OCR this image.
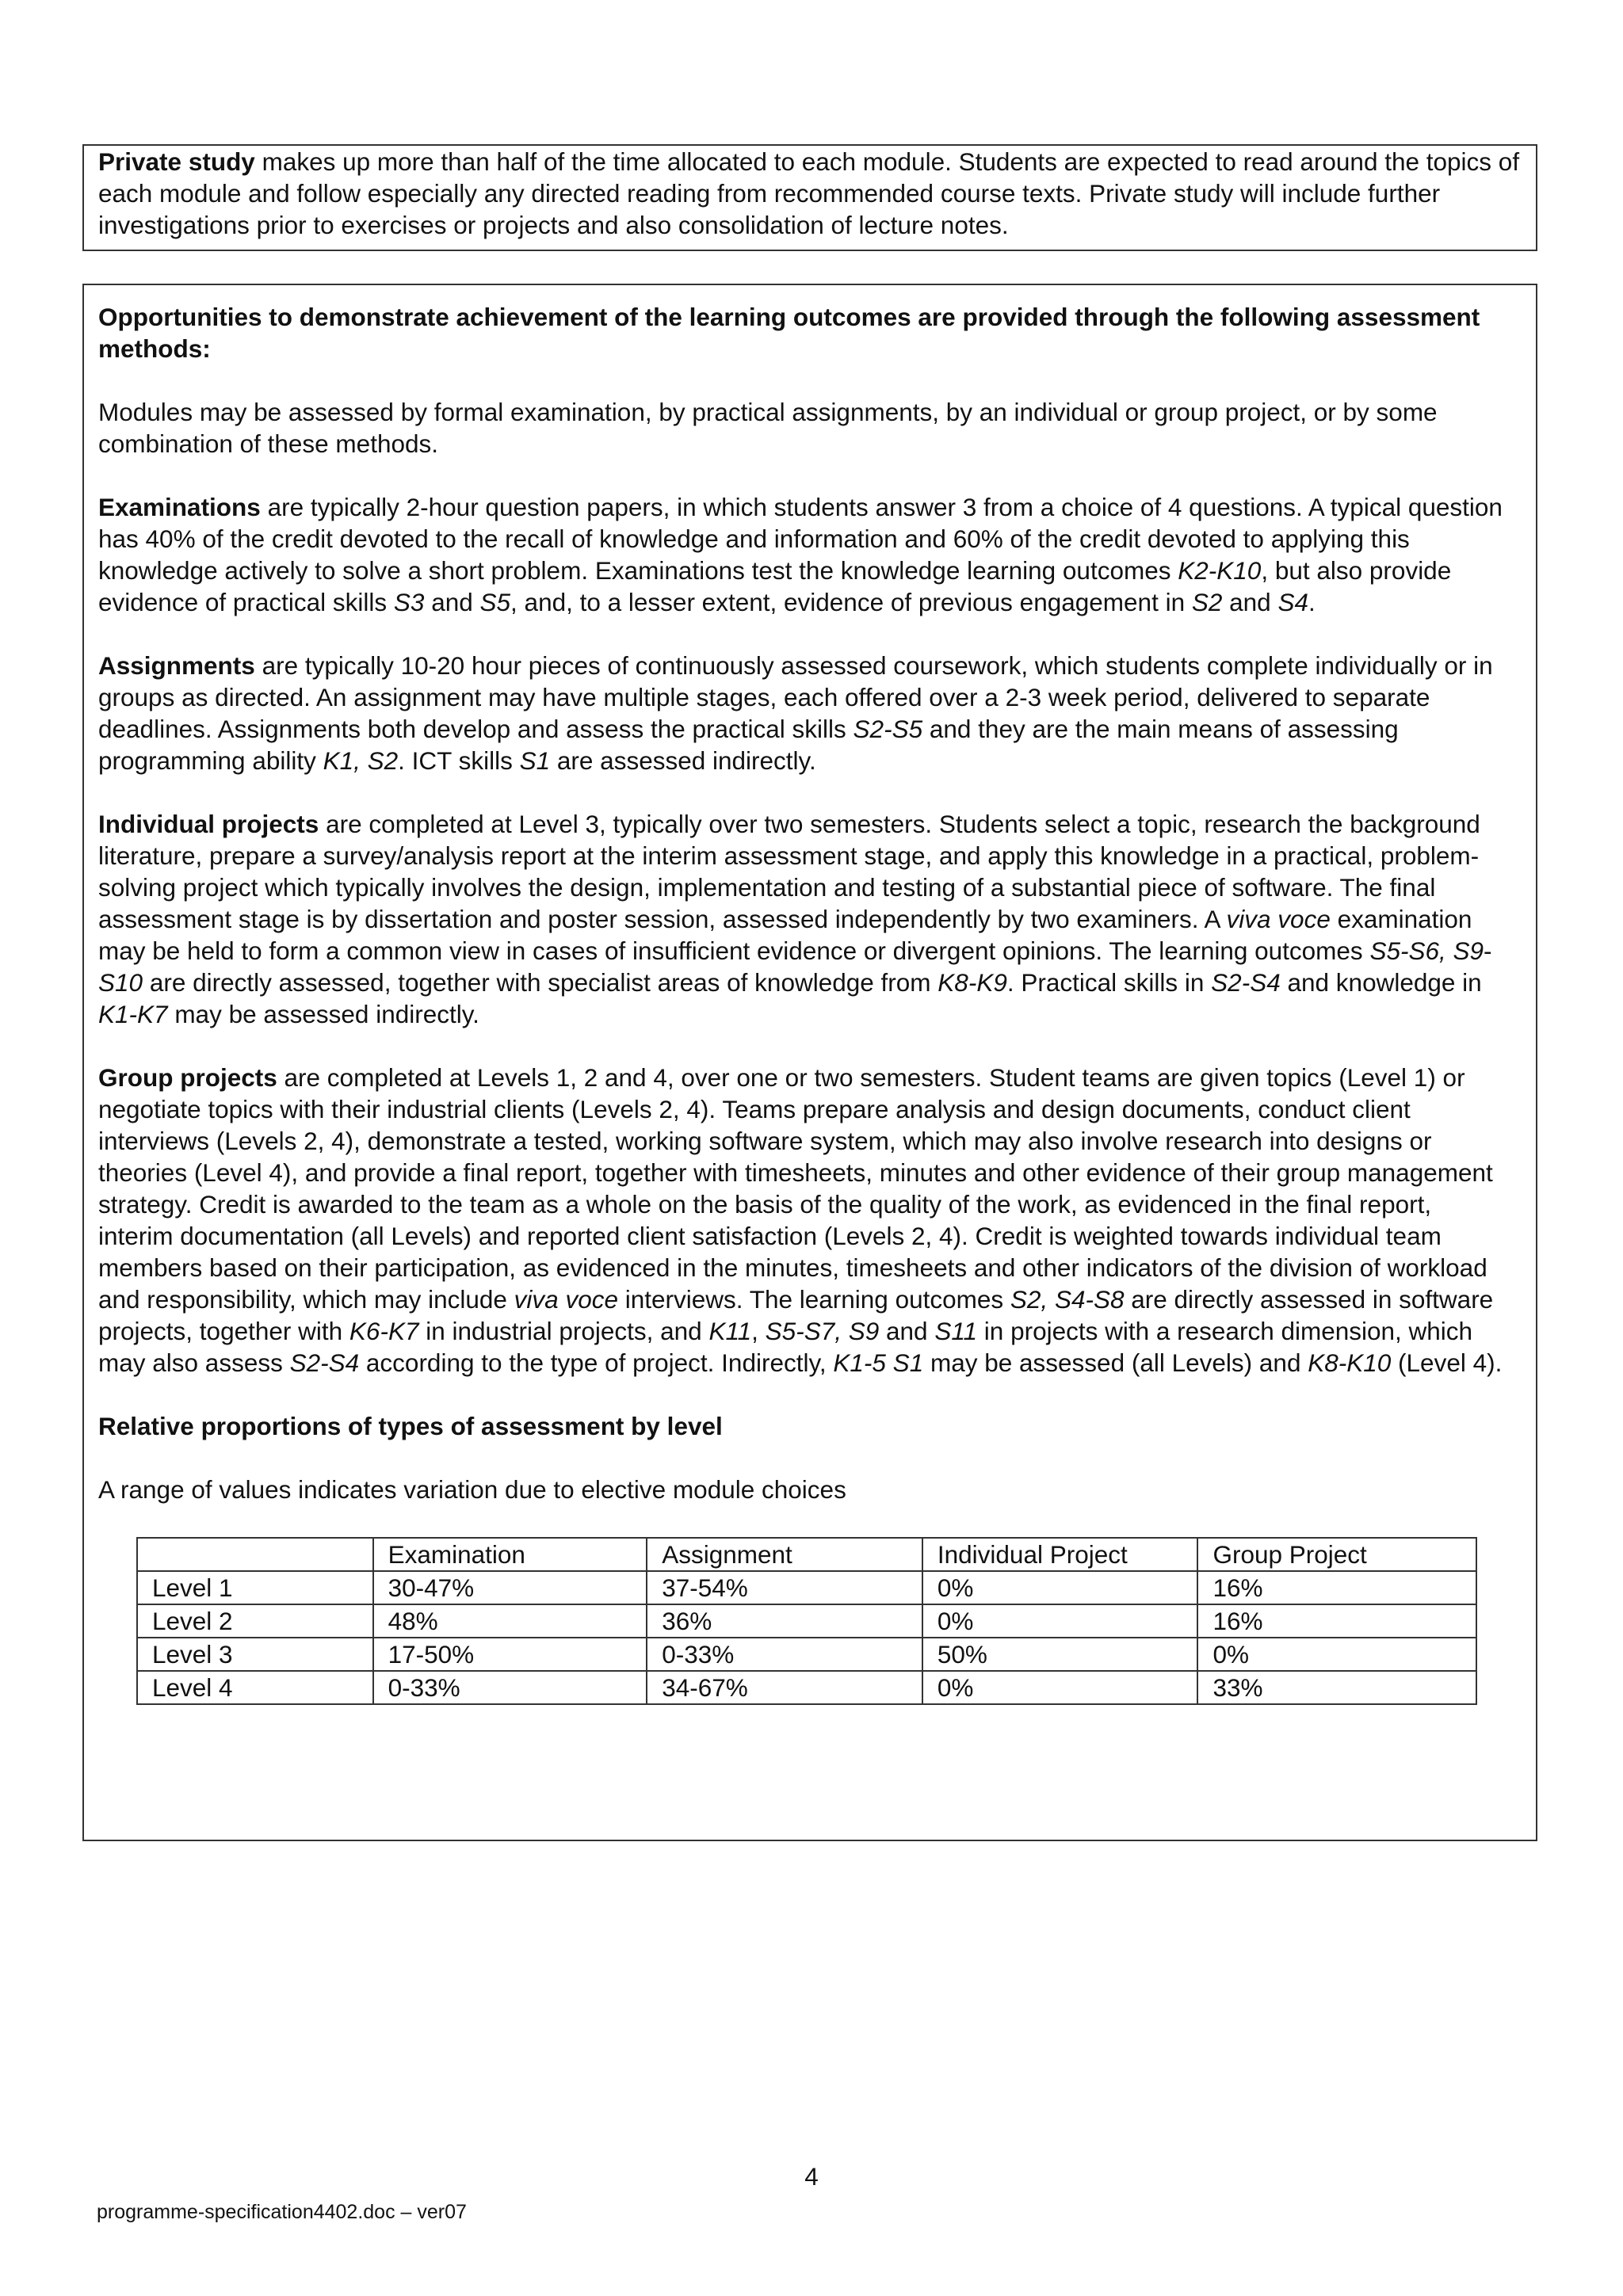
Private study makes up more than half of the time allocated to each module. Students are expected to read around the topics of each module and follow especially any directed reading from recommended course texts. Private study will include further investigations prior to exercises or projects and also consolidation of lecture notes.

Opportunities to demonstrate achievement of the learning outcomes are provided through the following assessment methods:

Modules may be assessed by formal examination, by practical assignments, by an individual or group project, or by some combination of these methods.

Examinations are typically 2-hour question papers, in which students answer 3 from a choice of 4 questions. A typical question has 40% of the credit devoted to the recall of knowledge and information and 60% of the credit devoted to applying this knowledge actively to solve a short problem. Examinations test the knowledge learning outcomes K2-K10, but also provide evidence of practical skills S3 and S5, and, to a lesser extent, evidence of previous engagement in S2 and S4.

Assignments are typically 10-20 hour pieces of continuously assessed coursework, which students complete individually or in groups as directed. An assignment may have multiple stages, each offered over a 2-3 week period, delivered to separate deadlines. Assignments both develop and assess the practical skills S2-S5 and they are the main means of assessing programming ability K1, S2. ICT skills S1 are assessed indirectly.

Individual projects are completed at Level 3, typically over two semesters. Students select a topic, research the background literature, prepare a survey/analysis report at the interim assessment stage, and apply this knowledge in a practical, problem-solving project which typically involves the design, implementation and testing of a substantial piece of software. The final assessment stage is by dissertation and poster session, assessed independently by two examiners. A viva voce examination may be held to form a common view in cases of insufficient evidence or divergent opinions. The learning outcomes S5-S6, S9-S10 are directly assessed, together with specialist areas of knowledge from K8-K9. Practical skills in S2-S4 and knowledge in K1-K7 may be assessed indirectly.

Group projects are completed at Levels 1, 2 and 4, over one or two semesters. Student teams are given topics (Level 1) or negotiate topics with their industrial clients (Levels 2, 4). Teams prepare analysis and design documents, conduct client interviews (Levels 2, 4), demonstrate a tested, working software system, which may also involve research into designs or theories (Level 4), and provide a final report, together with timesheets, minutes and other evidence of their group management strategy. Credit is awarded to the team as a whole on the basis of the quality of the work, as evidenced in the final report, interim documentation (all Levels) and reported client satisfaction (Levels 2, 4). Credit is weighted towards individual team members based on their participation, as evidenced in the minutes, timesheets and other indicators of the division of workload and responsibility, which may include viva voce interviews. The learning outcomes S2, S4-S8 are directly assessed in software projects, together with K6-K7 in industrial projects, and K11, S5-S7, S9 and S11 in projects with a research dimension, which may also assess S2-S4 according to the type of project. Indirectly, K1-5 S1 may be assessed (all Levels) and K8-K10 (Level 4).

Relative proportions of types of assessment by level

A range of values indicates variation due to elective module choices

	Examination	Assignment	Individual Project	Group Project
Level 1	30-47%	37-54%	0%	16%
Level 2	48%	36%	0%	16%
Level 3	17-50%	0-33%	50%	0%
Level 4	0-33%	34-67%	0%	33%
4
programme-specification4402.doc – ver07
